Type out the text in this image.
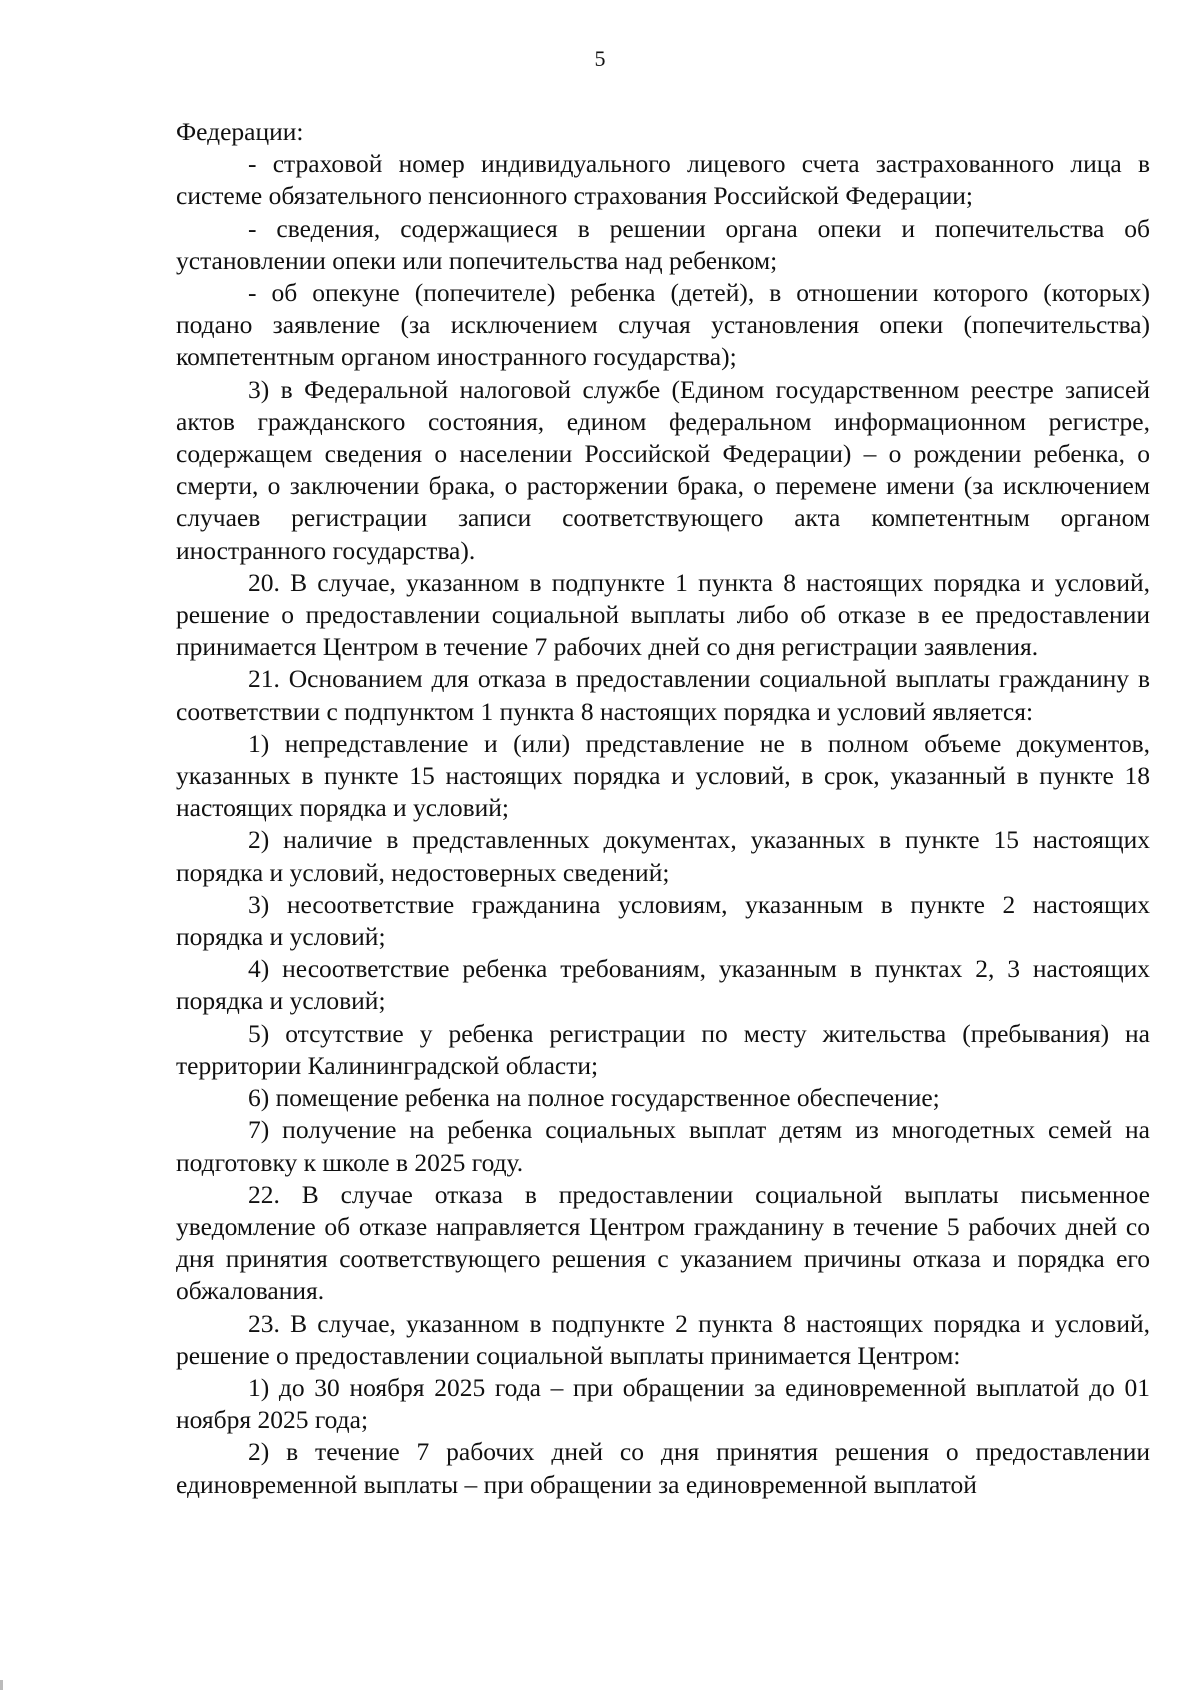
5

Федерации:

- страховой номер индивидуального лицевого счета застрахованного лица в системе обязательного пенсионного страхования Российской Федерации;

- сведения, содержащиеся в решении органа опеки и попечительства об установлении опеки или попечительства над ребенком;

- об опекуне (попечителе) ребенка (детей), в отношении которого (которых) подано заявление (за исключением случая установления опеки (попечительства) компетентным органом иностранного государства);

3) в Федеральной налоговой службе (Едином государственном реестре записей актов гражданского состояния, едином федеральном информационном регистре, содержащем сведения о населении Российской Федерации) – о рождении ребенка, о смерти, о заключении брака, о расторжении брака, о перемене имени (за исключением случаев регистрации записи соответствующего акта компетентным органом иностранного государства).

20. В случае, указанном в подпункте 1 пункта 8 настоящих порядка и условий, решение о предоставлении социальной выплаты либо об отказе в ее предоставлении принимается Центром в течение 7 рабочих дней со дня регистрации заявления.

21. Основанием для отказа в предоставлении социальной выплаты гражданину в соответствии с подпунктом 1 пункта 8 настоящих порядка и условий является:

1) непредставление и (или) представление не в полном объеме документов, указанных в пункте 15 настоящих порядка и условий, в срок, указанный в пункте 18 настоящих порядка и условий;

2) наличие в представленных документах, указанных в пункте 15 настоящих порядка и условий, недостоверных сведений;

3) несоответствие гражданина условиям, указанным в пункте 2 настоящих порядка и условий;

4) несоответствие ребенка требованиям, указанным в пунктах 2, 3 настоящих порядка и условий;

5) отсутствие у ребенка регистрации по месту жительства (пребывания) на территории Калининградской области;

6) помещение ребенка на полное государственное обеспечение;

7) получение на ребенка социальных выплат детям из многодетных семей на подготовку к школе в 2025 году.

22. В случае отказа в предоставлении социальной выплаты письменное уведомление об отказе направляется Центром гражданину в течение 5 рабочих дней со дня принятия соответствующего решения с указанием причины отказа и порядка его обжалования.

23. В случае, указанном в подпункте 2 пункта 8 настоящих порядка и условий, решение о предоставлении социальной выплаты принимается Центром:

1) до 30 ноября 2025 года – при обращении за единовременной выплатой до 01 ноября 2025 года;

2) в течение 7 рабочих дней со дня принятия решения о предоставлении единовременной выплаты – при обращении за единовременной выплатой
